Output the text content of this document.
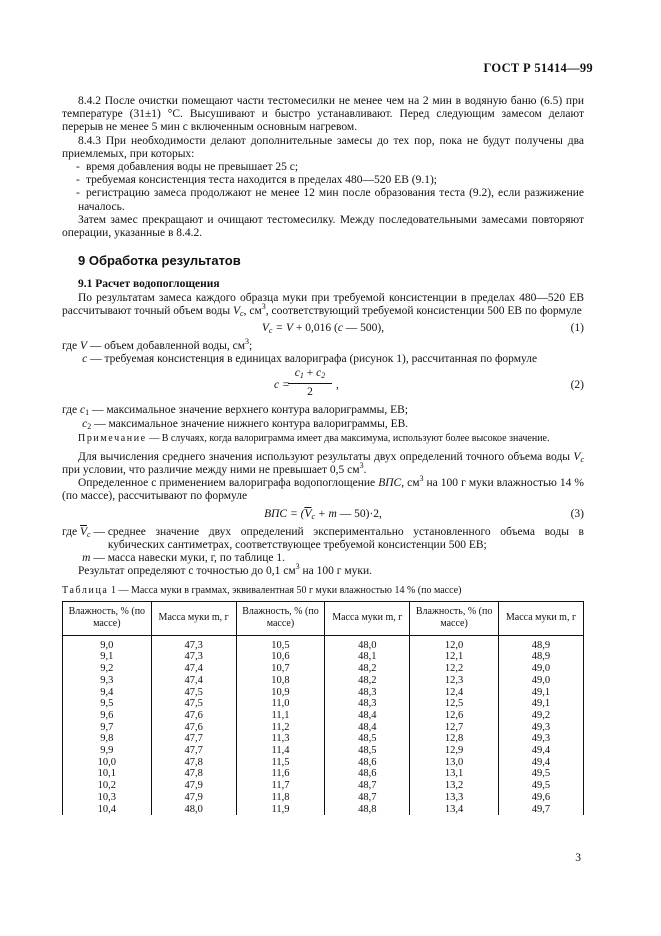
ГОСТ Р 51414—99

8.4.2 После очистки помещают части тестомесилки не менее чем на 2 мин в водяную баню (6.5) при температуре (31±1) °С. Высушивают и быстро устанавливают. Перед следующим замесом делают перерыв не менее 5 мин с включенным основным нагревом.

8.4.3 При необходимости делают дополнительные замесы до тех пор, пока не будут получены два приемлемых, при которых:

- время добавления воды не превышает 25 с;

- требуемая консистенция теста находится в пределах 480—520 ЕВ (9.1);

- регистрацию замеса продолжают не менее 12 мин после образования теста (9.2), если разжижение началось.

Затем замес прекращают и очищают тестомесилку. Между последовательными замесами повторяют операции, указанные в 8.4.2.

9 Обработка результатов
9.1 Расчет водопоглощения

По результатам замеса каждого образца муки при требуемой консистенции в пределах 480—520 ЕВ рассчитывают точный объем воды $V_c$, $см^3$, соответствующий требуемой консистенции 500 ЕВ по формуле

$V_c = V + 0,016$ (c — 500),	(1)
где V — объем добавленной воды, $см^3$;
c — требуемая консистенция в единицах валориграфа (рисунок 1), рассчитанная по формуле
c =
$c_1 + c_2$
2
,	(2)
где $c_1$ — максимальное значение верхнего контура валориграммы, ЕВ;
$c_2$ — максимальное значение нижнего контура валориграммы, ЕВ.
Примечание — В случаях, когда валориграмма имеет два максимума, используют более высокое значение.

Для вычисления среднего значения используют результаты двух определений точного объема воды $V_c$ при условии, что различие между ними не превышает 0,5 $см^3$.

Определенное с применением валориграфа водопоглощение ВПС, $см^3$ на 100 г муки влажностью 14 % (по массе), рассчитывают по формуле

ВПС = ($\overline{V}_c + m$ — 50)·2,	(3)
где $\overline{V}_c$ — среднее значение двух определений экспериментально установленного объема воды в кубических сантиметрах, соответствующее требуемой консистенции 500 ЕВ;
m — масса навески муки, г, по таблице 1.

Результат определяют с точностью до 0,1 $см^3$ на 100 г муки.

Таблица 1 — Масса муки в граммах, эквивалентная 50 г муки влажностью 14 % (по массе)
Влажность, % (по массе)	Масса муки m, г	Влажность, % (по массе)	Масса муки m, г	Влажность, % (по массе)	Масса муки m, г
9,0	47,3	10,5	48,0	12,0	48,9
9,1	47,3	10,6	48,1	12,1	48,9
9,2	47,4	10,7	48,2	12,2	49,0
9,3	47,4	10,8	48,2	12,3	49,0
9,4	47,5	10,9	48,3	12,4	49,1
9,5	47,5	11,0	48,3	12,5	49,1
9,6	47,6	11,1	48,4	12,6	49,2
9,7	47,6	11,2	48,4	12,7	49,3
9,8	47,7	11,3	48,5	12,8	49,3
9,9	47,7	11,4	48,5	12,9	49,4
10,0	47,8	11,5	48,6	13,0	49,4
10,1	47,8	11,6	48,6	13,1	49,5
10,2	47,9	11,7	48,7	13,2	49,5
10,3	47,9	11,8	48,7	13,3	49,6
10,4	48,0	11,9	48,8	13,4	49,7
3
